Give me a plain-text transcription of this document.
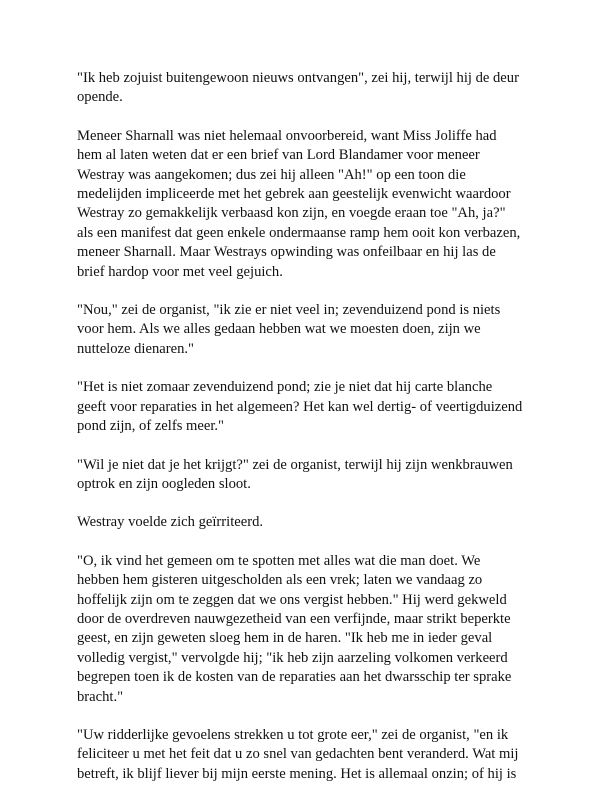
"Ik heb zojuist buitengewoon nieuws ontvangen", zei hij, terwijl hij de deur
opende.

Meneer Sharnall was niet helemaal onvoorbereid, want Miss Joliffe had
hem al laten weten dat er een brief van Lord Blandamer voor meneer
Westray was aangekomen; dus zei hij alleen "Ah!" op een toon die
medelijden impliceerde met het gebrek aan geestelijk evenwicht waardoor
Westray zo gemakkelijk verbaasd kon zijn, en voegde eraan toe "Ah, ja?"
als een manifest dat geen enkele ondermaanse ramp hem ooit kon verbazen,
meneer Sharnall. Maar Westrays opwinding was onfeilbaar en hij las de
brief hardop voor met veel gejuich.

"Nou," zei de organist, "ik zie er niet veel in; zevenduizend pond is niets
voor hem. Als we alles gedaan hebben wat we moesten doen, zijn we
nutteloze dienaren."

"Het is niet zomaar zevenduizend pond; zie je niet dat hij carte blanche
geeft voor reparaties in het algemeen? Het kan wel dertig- of veertigduizend
pond zijn, of zelfs meer."

"Wil je niet dat je het krijgt?" zei de organist, terwijl hij zijn wenkbrauwen
optrok en zijn oogleden sloot.

Westray voelde zich geïrriteerd.

"O, ik vind het gemeen om te spotten met alles wat die man doet. We
hebben hem gisteren uitgescholden als een vrek; laten we vandaag zo
hoffelijk zijn om te zeggen dat we ons vergist hebben." Hij werd gekweld
door de overdreven nauwgezetheid van een verfijnde, maar strikt beperkte
geest, en zijn geweten sloeg hem in de haren. "Ik heb me in ieder geval
volledig vergist," vervolgde hij; "ik heb zijn aarzeling volkomen verkeerd
begrepen toen ik de kosten van de reparaties aan het dwarsschip ter sprake
bracht."

"Uw ridderlijke gevoelens strekken u tot grote eer," zei de organist, "en ik
feliciteer u met het feit dat u zo snel van gedachten bent veranderd. Wat mij
betreft, ik blijf liever bij mijn eerste mening. Het is allemaal onzin; of hij is
